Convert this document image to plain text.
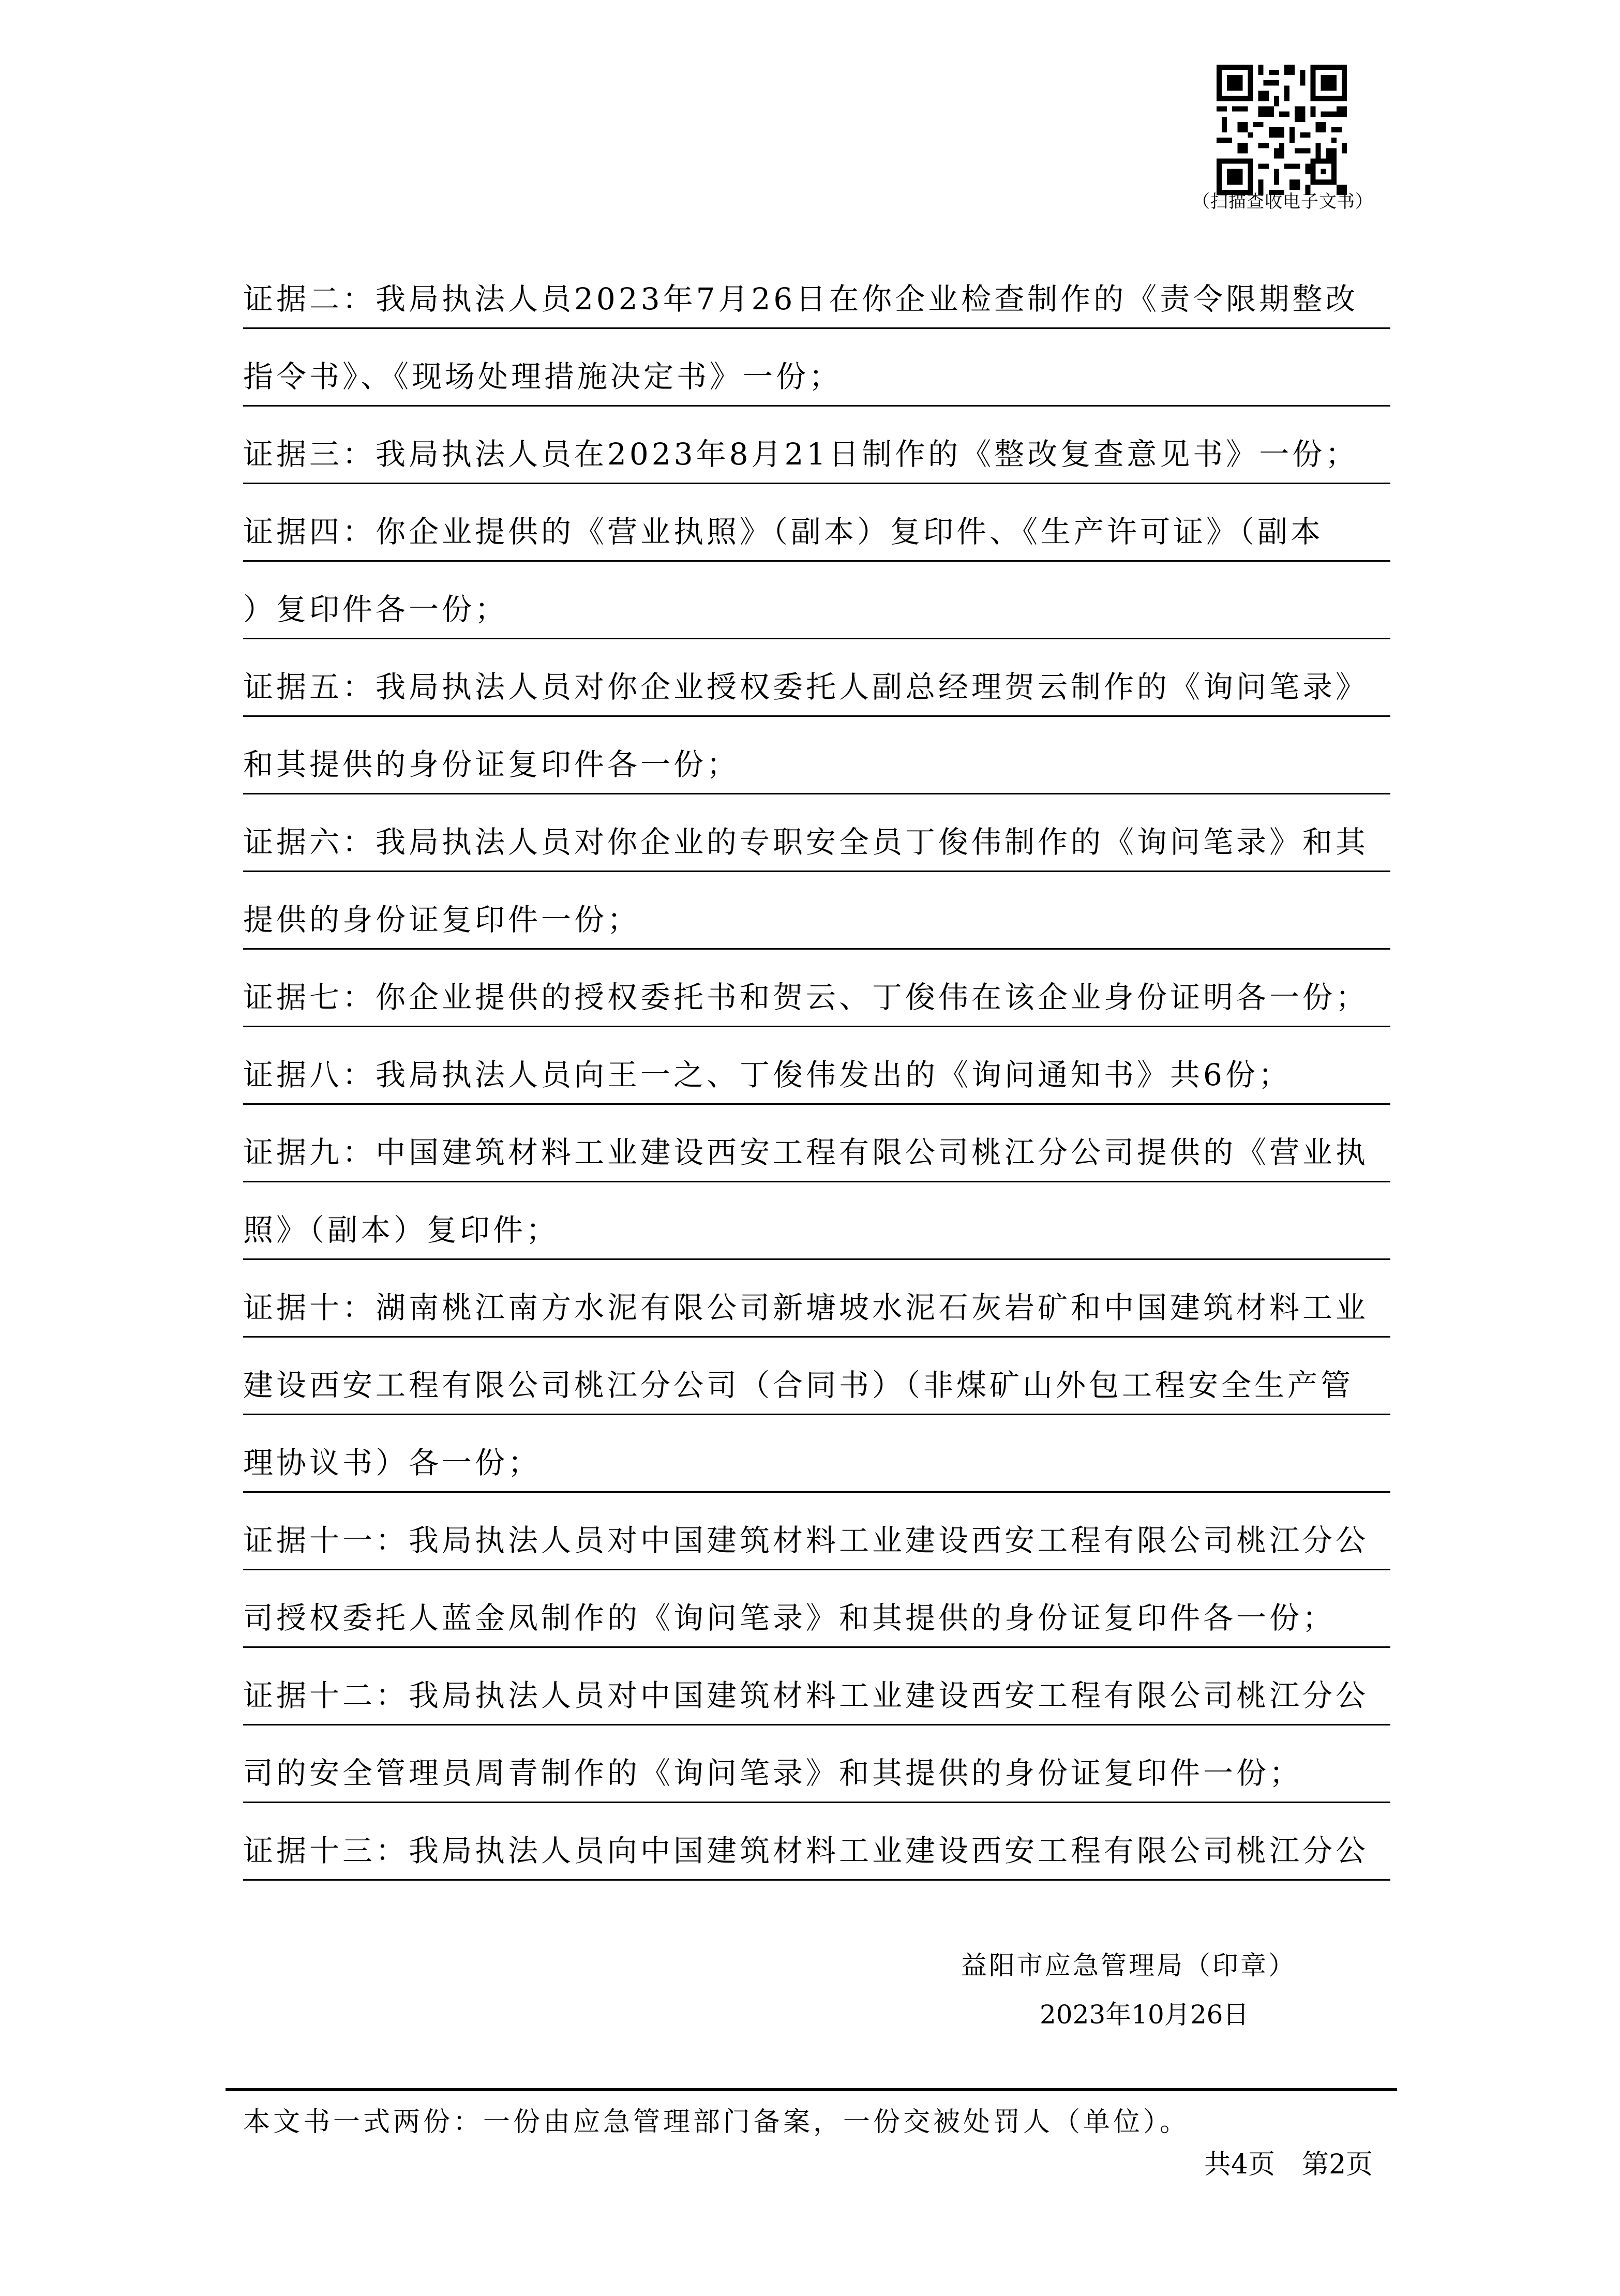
（扫描查收电子文书）
证据二：我局执法人员2023年7月26日在你企业检查制作的《责令限期整改
指令书》、《现场处理措施决定书》一份；
证据三：我局执法人员在2023年8月21日制作的《整改复查意见书》一份；
证据四：你企业提供的《营业执照》（副本）复印件、《生产许可证》（副本
）复印件各一份；
证据五：我局执法人员对你企业授权委托人副总经理贺云制作的《询问笔录》
和其提供的身份证复印件各一份；
证据六：我局执法人员对你企业的专职安全员丁俊伟制作的《询问笔录》和其
提供的身份证复印件一份；
证据七：你企业提供的授权委托书和贺云、丁俊伟在该企业身份证明各一份；
证据八：我局执法人员向王一之、丁俊伟发出的《询问通知书》共6份；
证据九：中国建筑材料工业建设西安工程有限公司桃江分公司提供的《营业执
照》（副本）复印件；
证据十：湖南桃江南方水泥有限公司新塘坡水泥石灰岩矿和中国建筑材料工业
建设西安工程有限公司桃江分公司（合同书）（非煤矿山外包工程安全生产管
理协议书）各一份；
证据十一：我局执法人员对中国建筑材料工业建设西安工程有限公司桃江分公
司授权委托人蓝金凤制作的《询问笔录》和其提供的身份证复印件各一份；
证据十二：我局执法人员对中国建筑材料工业建设西安工程有限公司桃江分公
司的安全管理员周青制作的《询问笔录》和其提供的身份证复印件一份；
证据十三：我局执法人员向中国建筑材料工业建设西安工程有限公司桃江分公
益阳市应急管理局（印章）
2023年10月26日
本文书一式两份：一份由应急管理部门备案，一份交被处罚人（单位）。
共4页　第2页
